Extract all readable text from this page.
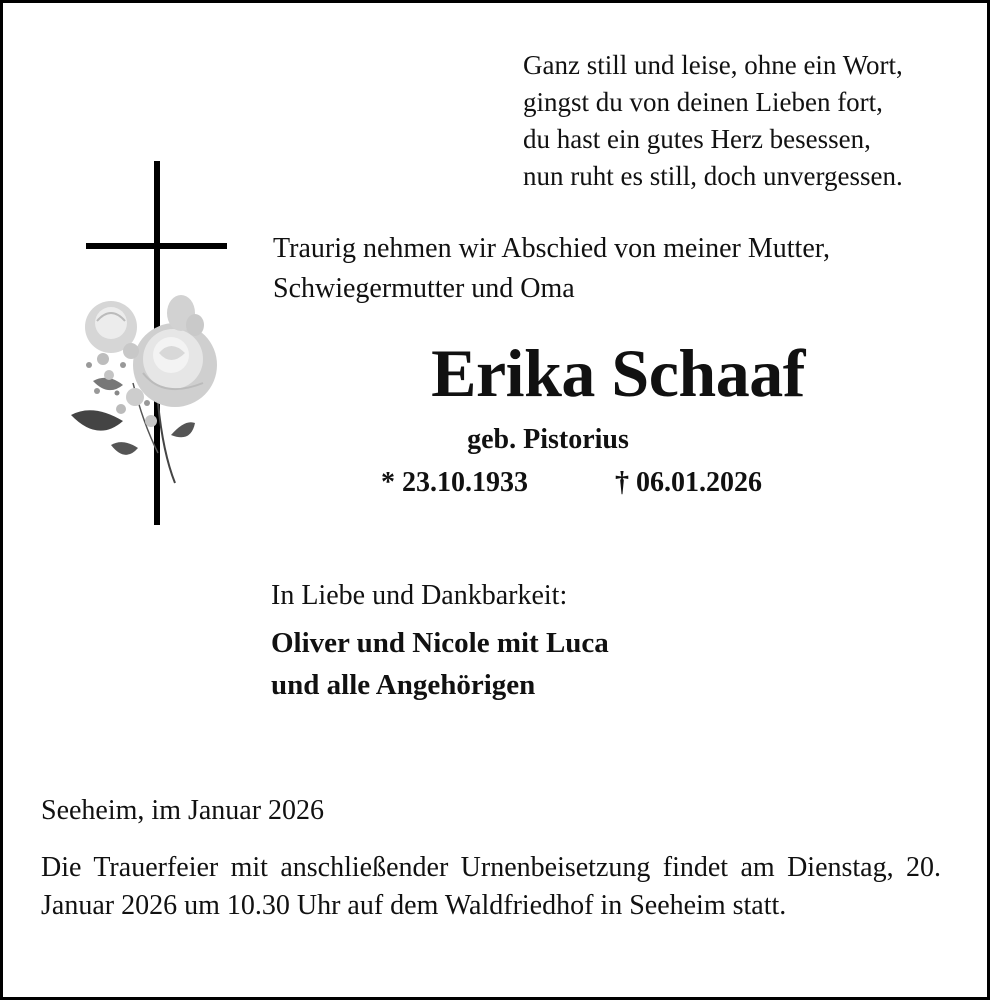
Ganz still und leise, ohne ein Wort,
gingst du von deinen Lieben fort,
du hast ein gutes Herz besessen,
nun ruht es still, doch unvergessen.
Traurig nehmen wir Abschied von meiner Mutter,
Schwiegermutter und Oma
Erika Schaaf
geb. Pistorius
* 23.10.1933	† 06.01.2026
In Liebe und Dankbarkeit:
Oliver und Nicole mit Luca
und alle Angehörigen
Seeheim, im Januar 2026
Die Trauerfeier mit anschließender Urnenbeisetzung findet am Dienstag, 20. Januar 2026 um 10.30 Uhr auf dem Waldfriedhof in Seeheim statt.
